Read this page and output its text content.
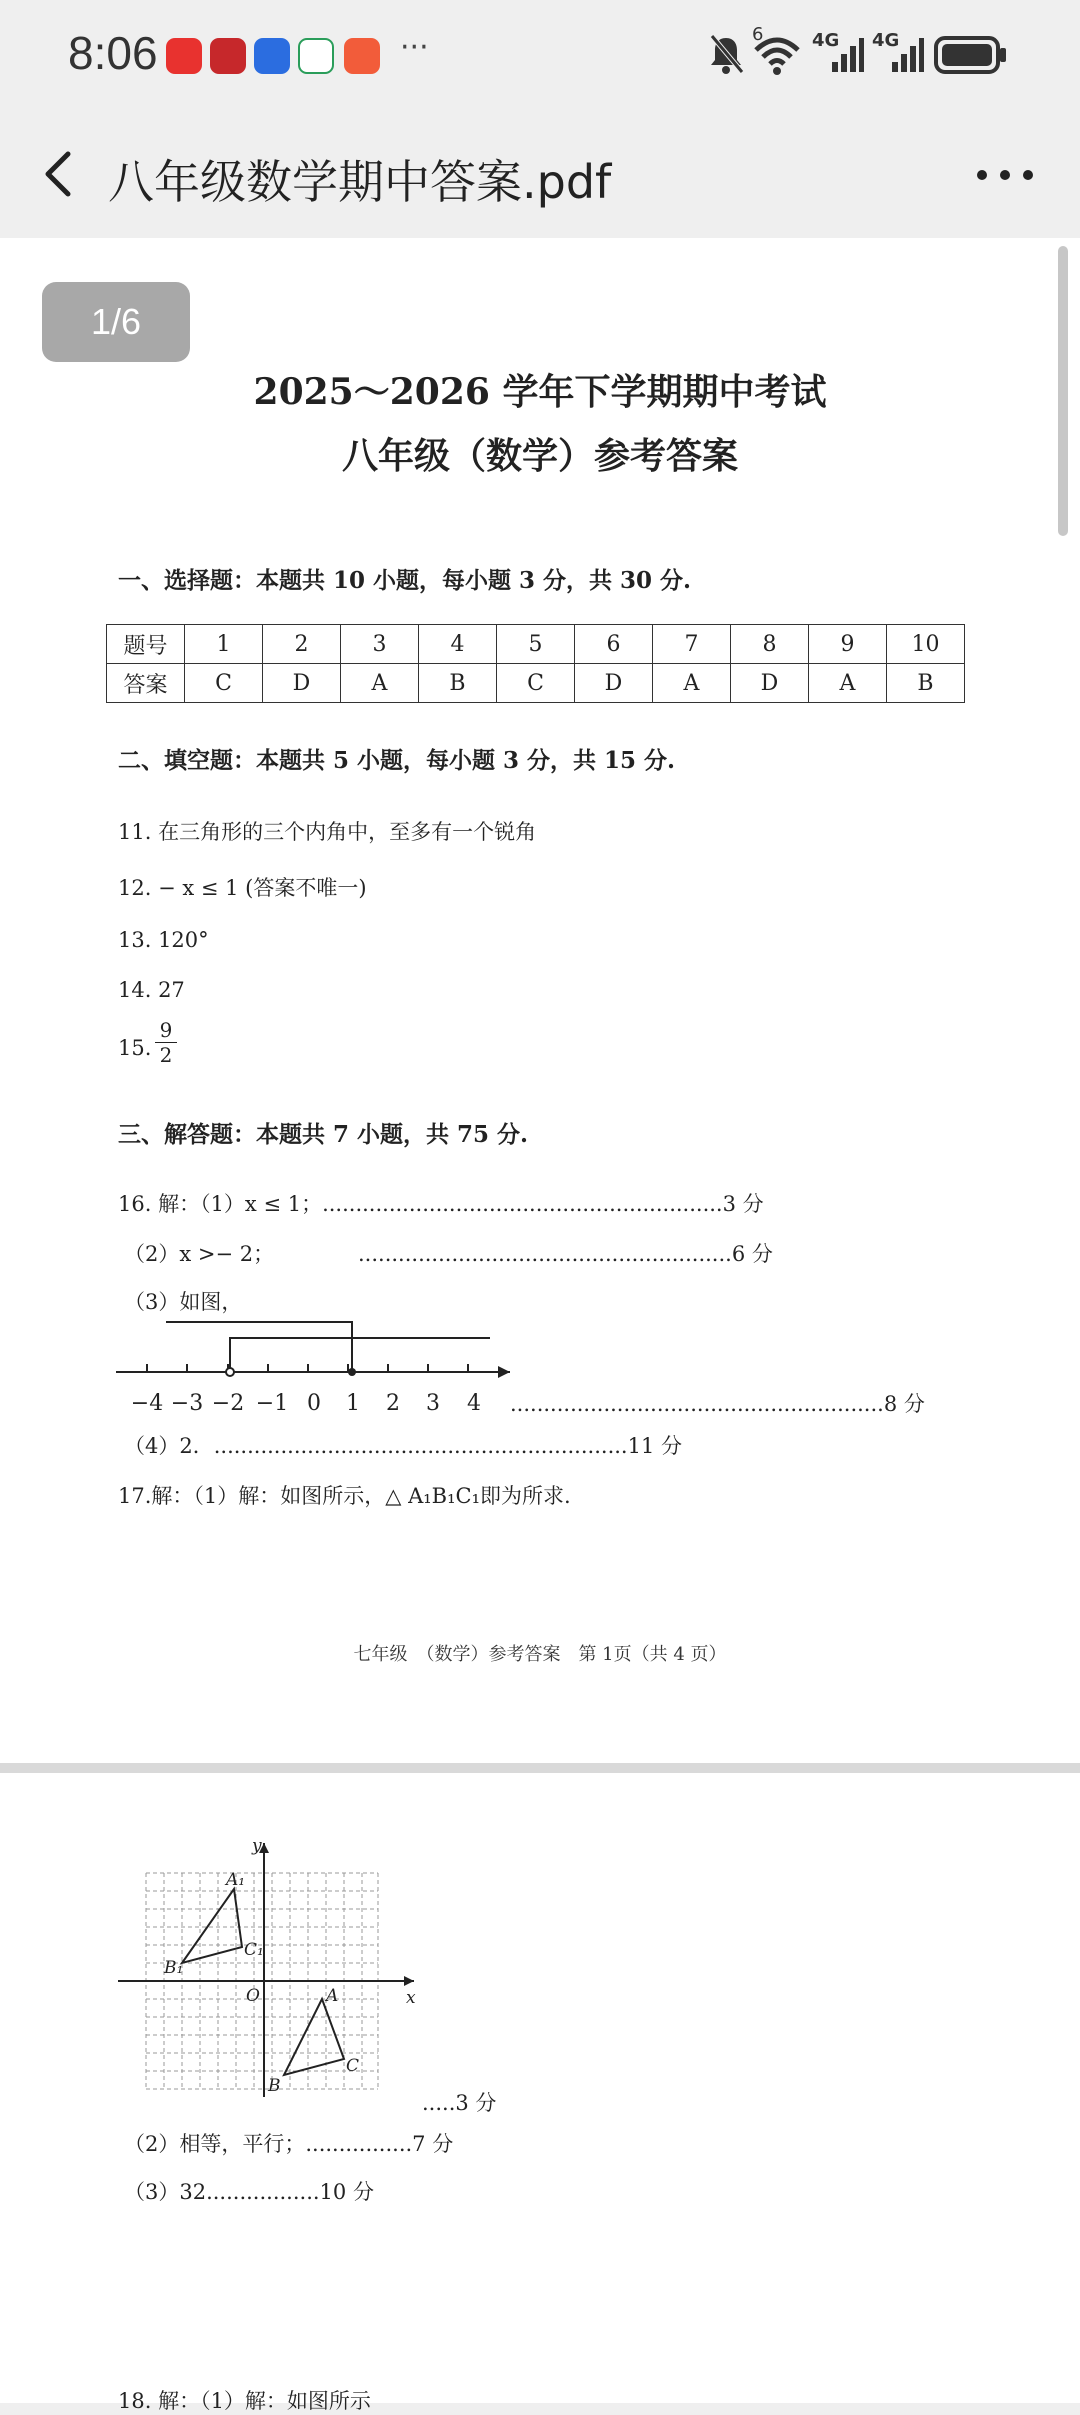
8:06	···	6	4G 4G
八年级数学期中答案.pdf
2025～2026 学年下学期期中考试
八年级（数学）参考答案
一、选择题：本题共 10 小题，每小题 3 分，共 30 分.
题号	1	2	3	4	5	6	7	8	9	10
答案	C	D	A	B	C	D	A	D	A	B
二、填空题：本题共 5 小题，每小题 3 分，共 15 分.
11. 在三角形的三个内角中，至多有一个锐角
12. − x ≤ 1 (答案不唯一)
13. 120°
14. 27
15. $\frac{9}{2}$
三、解答题：本题共 7 小题，共 75 分.
16. 解：（1）x ≤ 1；............................................................3 分
（2）x >− 2；	........................................................6 分
（3）如图，
−4 −3 −2 −1 0 1 2 3 4 ........................................................8 分
（4）2．..............................................................11 分
17.解：（1）解：如图所示，△ A₁B₁C₁即为所求.
七年级　（数学）参考答案　第 1页（共 4 页）
y
x
O
A₁
B₁
C₁
A
B
C
.....3 分
（2）相等，平行；................7 分
（3）32.................10 分
18. 解：（1）解：如图所示
1/6
